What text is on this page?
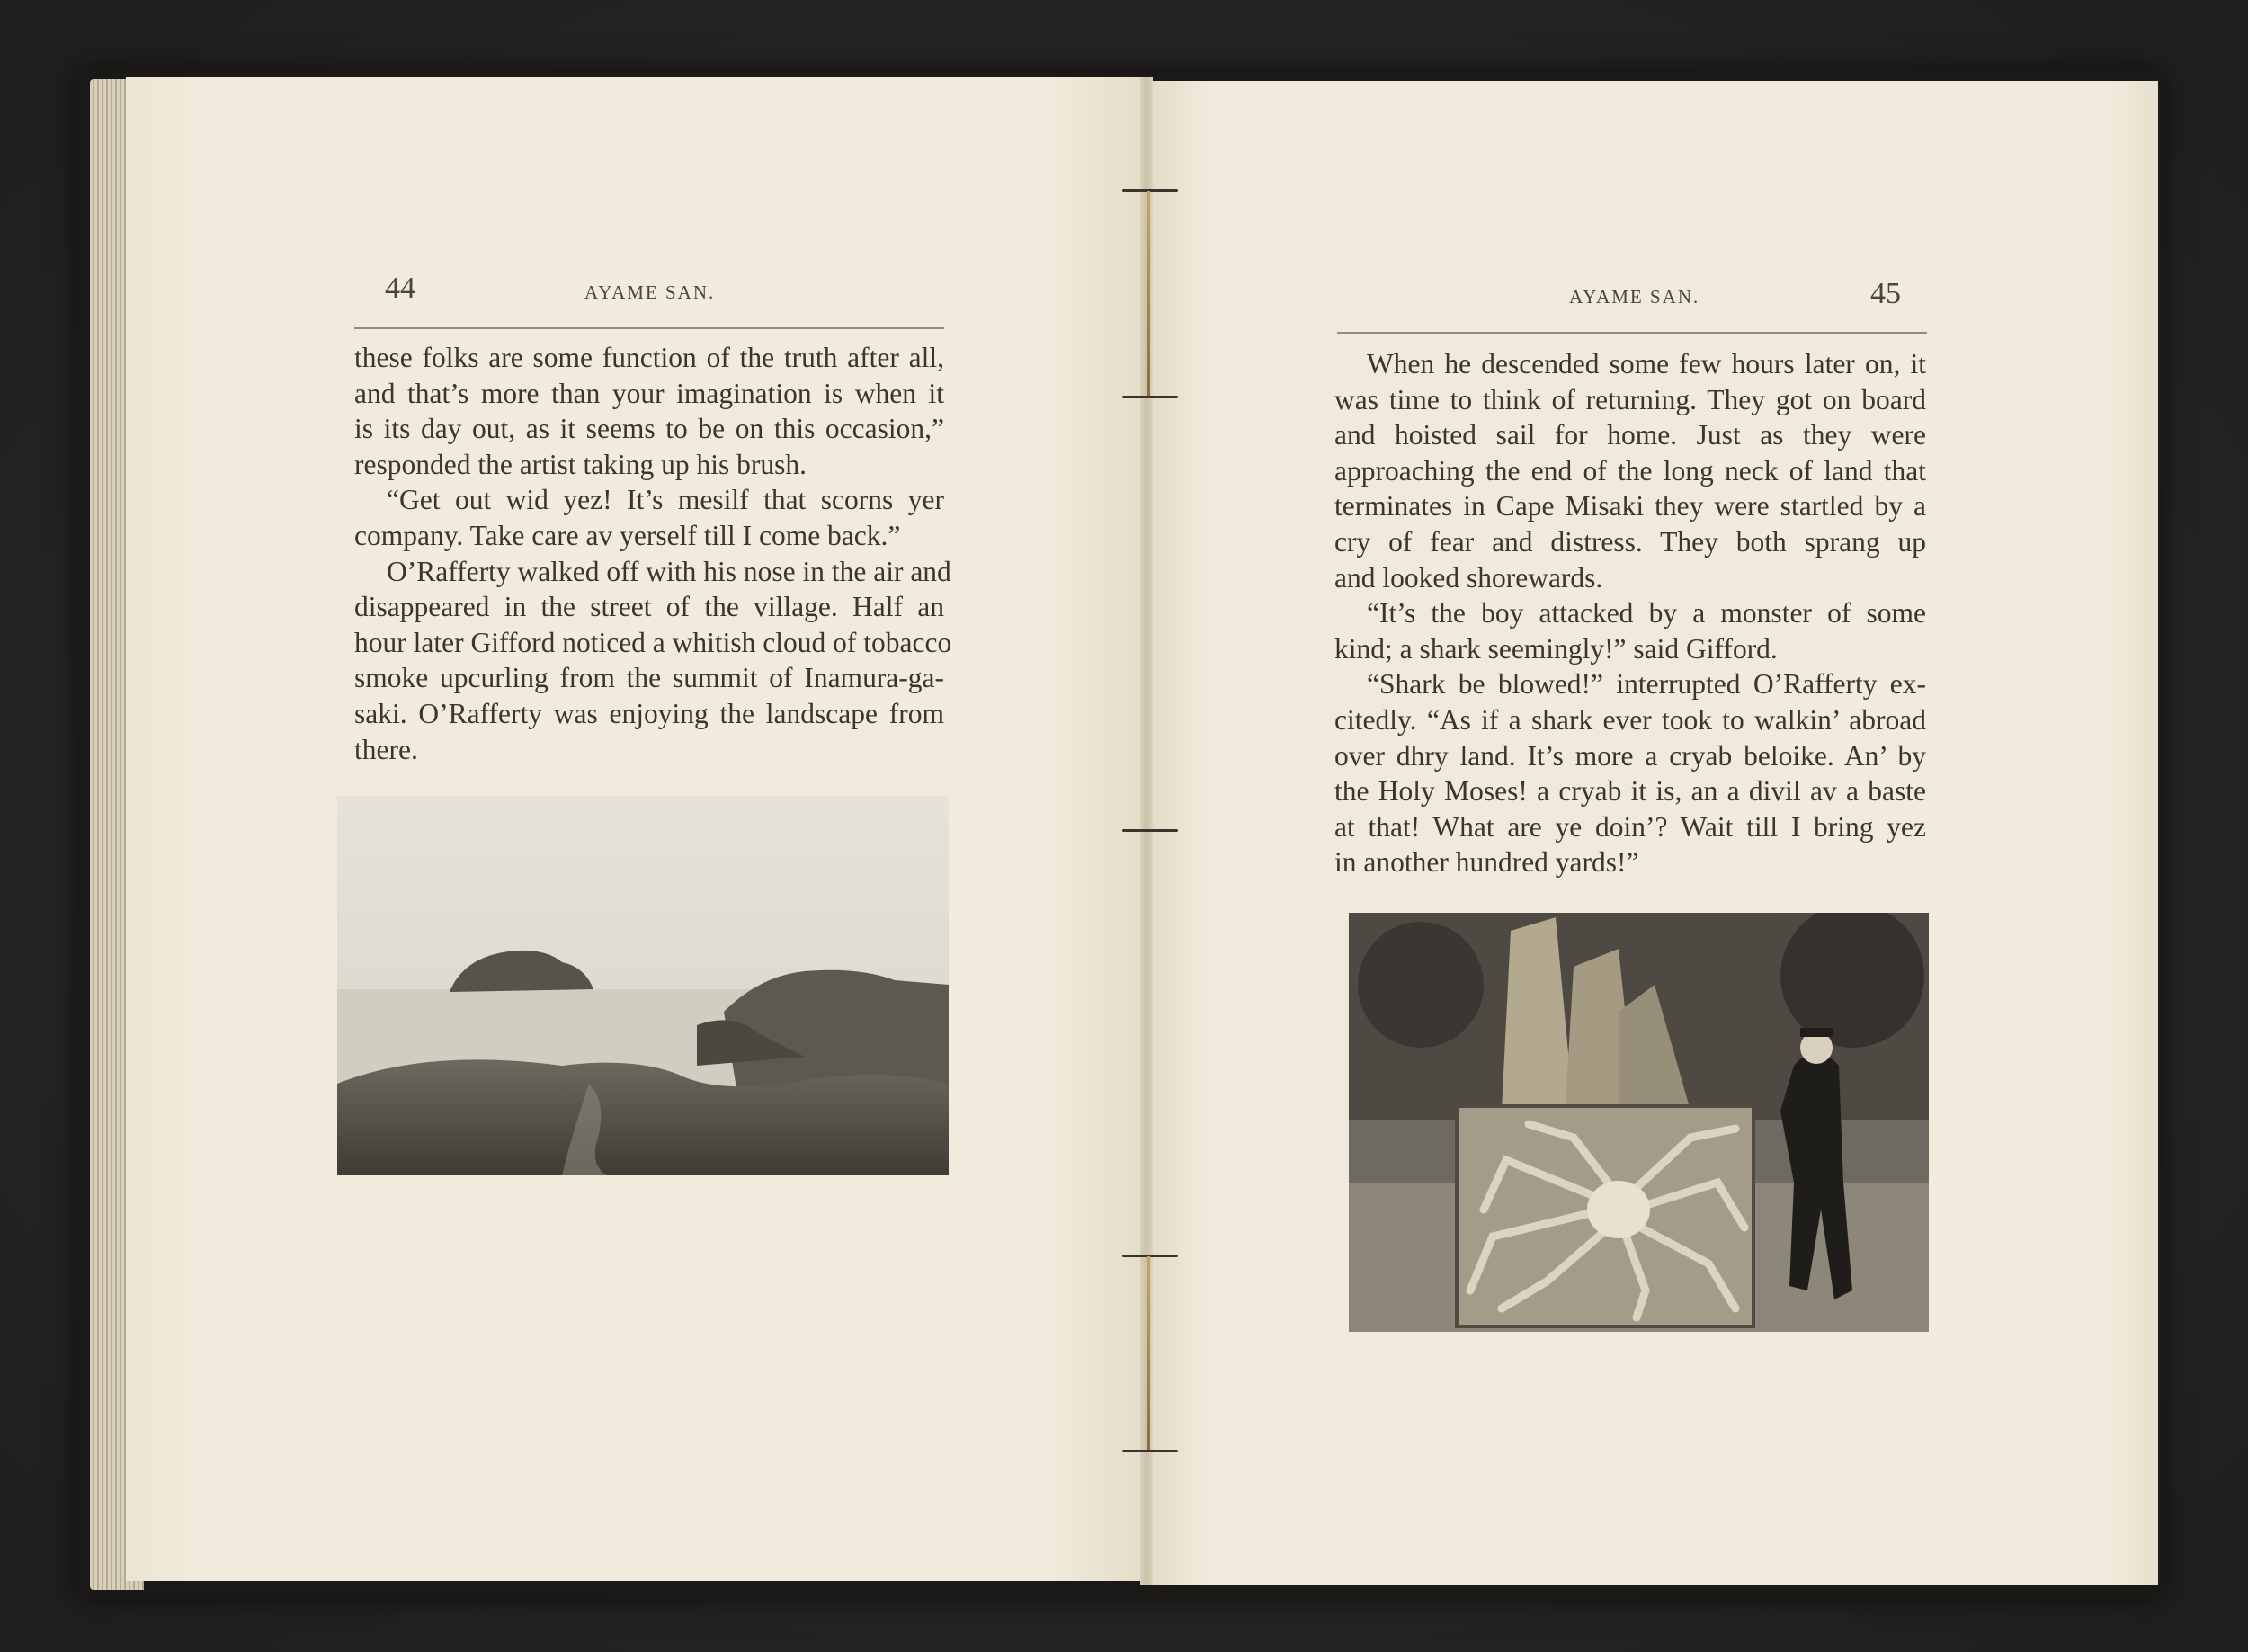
44	AYAME SAN.
these folks are some function of the truth after all,
and that’s more than your imagination is when it
is its day out, as it seems to be on this occasion,”
responded the artist taking up his brush.
“Get out wid yez! It’s mesilf that scorns yer
company. Take care av yerself till I come back.”
O’Rafferty walked off with his nose in the air and
disappeared in the street of the village. Half an
hour later Gifford noticed a whitish cloud of tobacco
smoke upcurling from the summit of Inamura-ga-
saki. O’Rafferty was enjoying the landscape from
there.
AYAME SAN.	45
When he descended some few hours later on, it
was time to think of returning. They got on board
and hoisted sail for home. Just as they were
approaching the end of the long neck of land that
terminates in Cape Misaki they were startled by a
cry of fear and distress. They both sprang up
and looked shorewards.
“It’s the boy attacked by a monster of some
kind; a shark seemingly!” said Gifford.
“Shark be blowed!” interrupted O’Rafferty ex-
citedly. “As if a shark ever took to walkin’ abroad
over dhry land. It’s more a cryab beloike. An’ by
the Holy Moses! a cryab it is, an a divil av a baste
at that! What are ye doin’? Wait till I bring yez
in another hundred yards!”
